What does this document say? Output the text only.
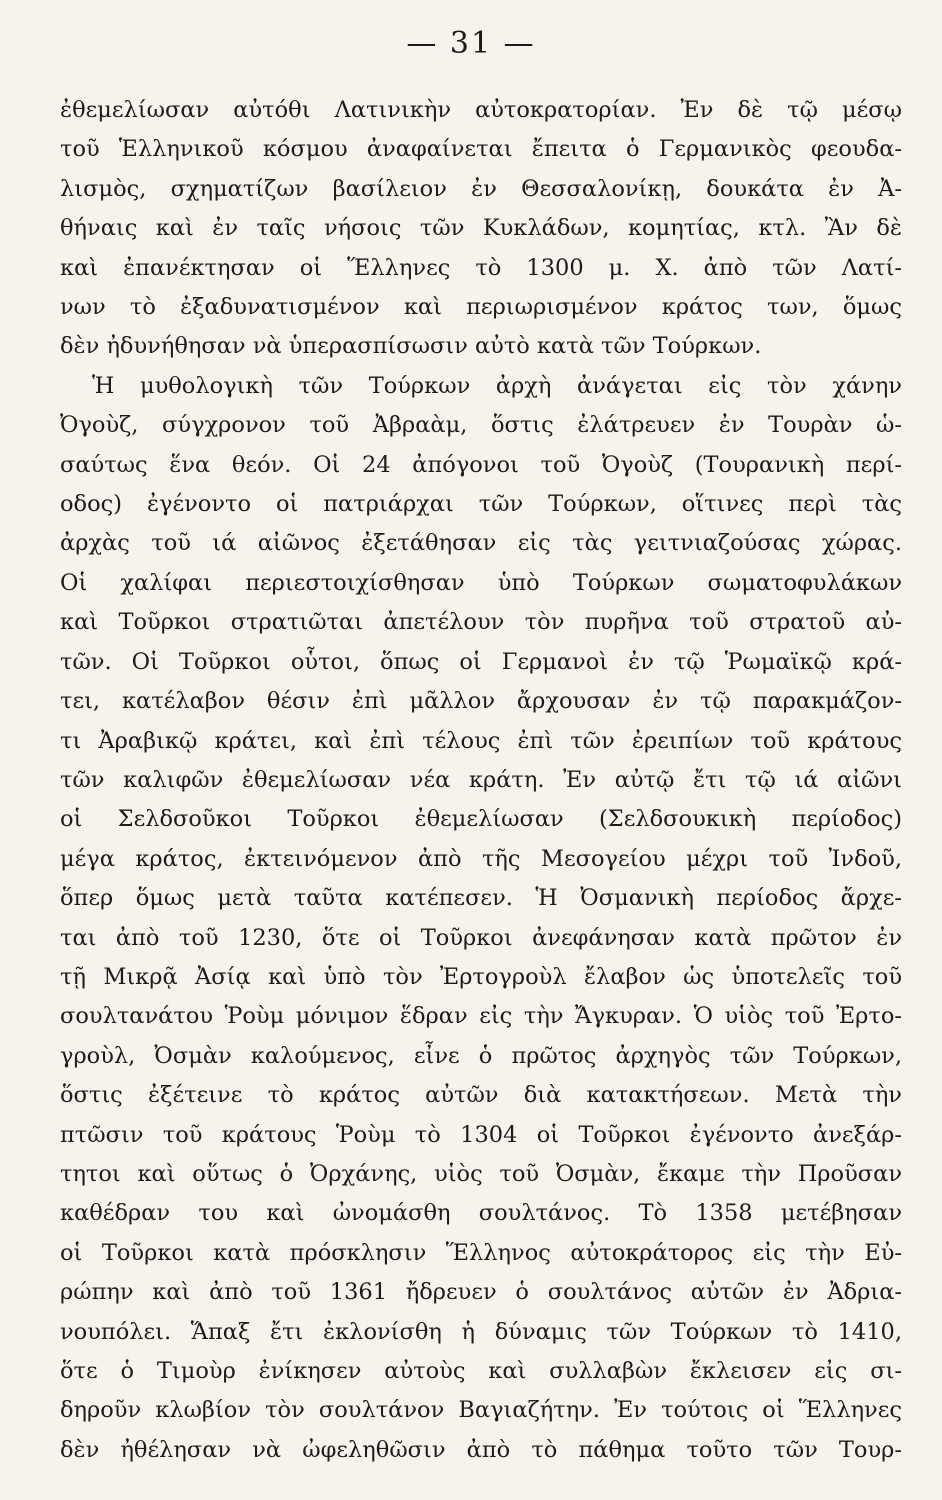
— 31 —
ἐθεμελίωσαν αὐτόθι Λατινικὴν αὐτοκρατορίαν. Ἐν δὲ τῷ μέσῳ
τοῦ Ἑλληνικοῦ κόσμου ἀναφαίνεται ἔπειτα ὁ Γερμανικὸς φεουδα-
λισμὸς, σχηματίζων βασίλειον ἐν Θεσσαλονίκῃ, δουκάτα ἐν Ἀ-
θήναις καὶ ἐν ταῖς νήσοις τῶν Κυκλάδων, κομητίας, κτλ. Ἂν δὲ
καὶ ἐπανέκτησαν οἱ Ἕλληνες τὸ 1300 μ. Χ. ἀπὸ τῶν Λατί-
νων τὸ ἐξαδυνατισμένον καὶ περιωρισμένον κράτος των, ὅμως
δὲν ἠδυνήθησαν νὰ ὑπερασπίσωσιν αὐτὸ κατὰ τῶν Τούρκων.
Ἡ μυθολογικὴ τῶν Τούρκων ἀρχὴ ἀνάγεται εἰς τὸν χάνην
Ὀγοὺζ, σύγχρονον τοῦ Ἀβραὰμ, ὅστις ἐλάτρευεν ἐν Τουρὰν ὡ-
σαύτως ἕνα θεόν. Οἱ 24 ἀπόγονοι τοῦ Ὀγοὺζ (Τουρανικὴ περί-
οδος) ἐγένοντο οἱ πατριάρχαι τῶν Τούρκων, οἵτινες περὶ τὰς
ἀρχὰς τοῦ ιά αἰῶνος ἐξετάθησαν εἰς τὰς γειτνιαζούσας χώρας.
Οἱ χαλίφαι περιεστοιχίσθησαν ὑπὸ Τούρκων σωματοφυλάκων
καὶ Τοῦρκοι στρατιῶται ἀπετέλουν τὸν πυρῆνα τοῦ στρατοῦ αὐ-
τῶν. Οἱ Τοῦρκοι οὗτοι, ὅπως οἱ Γερμανοὶ ἐν τῷ Ῥωμαϊκῷ κρά-
τει, κατέλαβον θέσιν ἐπὶ μᾶλλον ἄρχουσαν ἐν τῷ παρακμάζον-
τι Ἀραβικῷ κράτει, καὶ ἐπὶ τέλους ἐπὶ τῶν ἐρειπίων τοῦ κράτους
τῶν καλιφῶν ἐθεμελίωσαν νέα κράτη. Ἐν αὐτῷ ἔτι τῷ ιά αἰῶνι
οἱ Σελδσοῦκοι Τοῦρκοι ἐθεμελίωσαν (Σελδσουκικὴ περίοδος)
μέγα κράτος, ἐκτεινόμενον ἀπὸ τῆς Μεσογείου μέχρι τοῦ Ἰνδοῦ,
ὅπερ ὅμως μετὰ ταῦτα κατέπεσεν. Ἡ Ὀσμανικὴ περίοδος ἄρχε-
ται ἀπὸ τοῦ 1230, ὅτε οἱ Τοῦρκοι ἀνεφάνησαν κατὰ πρῶτον ἐν
τῇ Μικρᾷ Ἀσίᾳ καὶ ὑπὸ τὸν Ἐρτογροὺλ ἔλαβον ὡς ὑποτελεῖς τοῦ
σουλτανάτου Ῥοὺμ μόνιμον ἕδραν εἰς τὴν Ἄγκυραν. Ὁ υἱὸς τοῦ Ἐρτο-
γροὺλ, Ὀσμὰν καλούμενος, εἶνε ὁ πρῶτος ἀρχηγὸς τῶν Τούρκων,
ὅστις ἐξέτεινε τὸ κράτος αὐτῶν διὰ κατακτήσεων. Μετὰ τὴν
πτῶσιν τοῦ κράτους Ῥοὺμ τὸ 1304 οἱ Τοῦρκοι ἐγένοντο ἀνεξάρ-
τητοι καὶ οὕτως ὁ Ὀρχάνης, υἱὸς τοῦ Ὀσμὰν, ἔκαμε τὴν Προῦσαν
καθέδραν του καὶ ὠνομάσθη σουλτάνος. Τὸ 1358 μετέβησαν
οἱ Τοῦρκοι κατὰ πρόσκλησιν Ἕλληνος αὐτοκράτορος εἰς τὴν Εὐ-
ρώπην καὶ ἀπὸ τοῦ 1361 ἤδρευεν ὁ σουλτάνος αὐτῶν ἐν Ἀδρια-
νουπόλει. Ἅπαξ ἔτι ἐκλονίσθη ἡ δύναμις τῶν Τούρκων τὸ 1410,
ὅτε ὁ Τιμοὺρ ἐνίκησεν αὐτοὺς καὶ συλλαβὼν ἔκλεισεν εἰς σι-
δηροῦν κλωβίον τὸν σουλτάνον Βαγιαζήτην. Ἐν τούτοις οἱ Ἕλληνες
δὲν ἠθέλησαν νὰ ὠφεληθῶσιν ἀπὸ τὸ πάθημα τοῦτο τῶν Τουρ-
